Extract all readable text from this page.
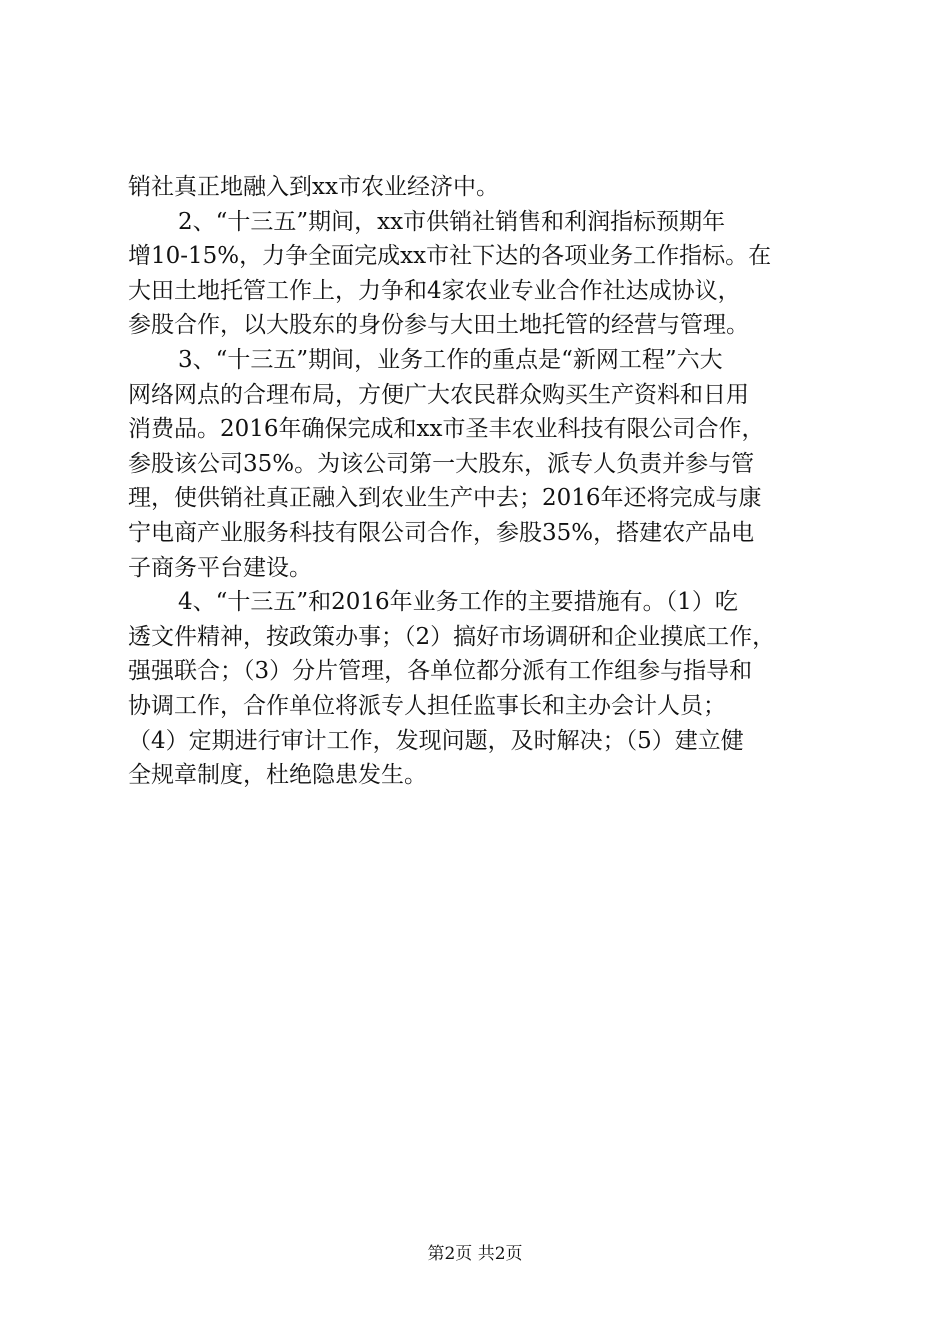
销社真正地融入到xx市农业经济中。
2、“十三五”期间，xx市供销社销售和利润指标预期年
增10-15%，力争全面完成xx市社下达的各项业务工作指标。在
大田土地托管工作上，力争和4家农业专业合作社达成协议，
参股合作，以大股东的身份参与大田土地托管的经营与管理。
3、“十三五”期间，业务工作的重点是“新网工程”六大
网络网点的合理布局，方便广大农民群众购买生产资料和日用
消费品。2016年确保完成和xx市圣丰农业科技有限公司合作，
参股该公司35%。为该公司第一大股东，派专人负责并参与管
理，使供销社真正融入到农业生产中去；2016年还将完成与康
宁电商产业服务科技有限公司合作，参股35%，搭建农产品电
子商务平台建设。
4、“十三五”和2016年业务工作的主要措施有。（1）吃
透文件精神，按政策办事；（2）搞好市场调研和企业摸底工作，
强强联合；（3）分片管理，各单位都分派有工作组参与指导和
协调工作，合作单位将派专人担任监事长和主办会计人员；
（4）定期进行审计工作，发现问题，及时解决；（5）建立健
全规章制度，杜绝隐患发生。
第2页 共2页
